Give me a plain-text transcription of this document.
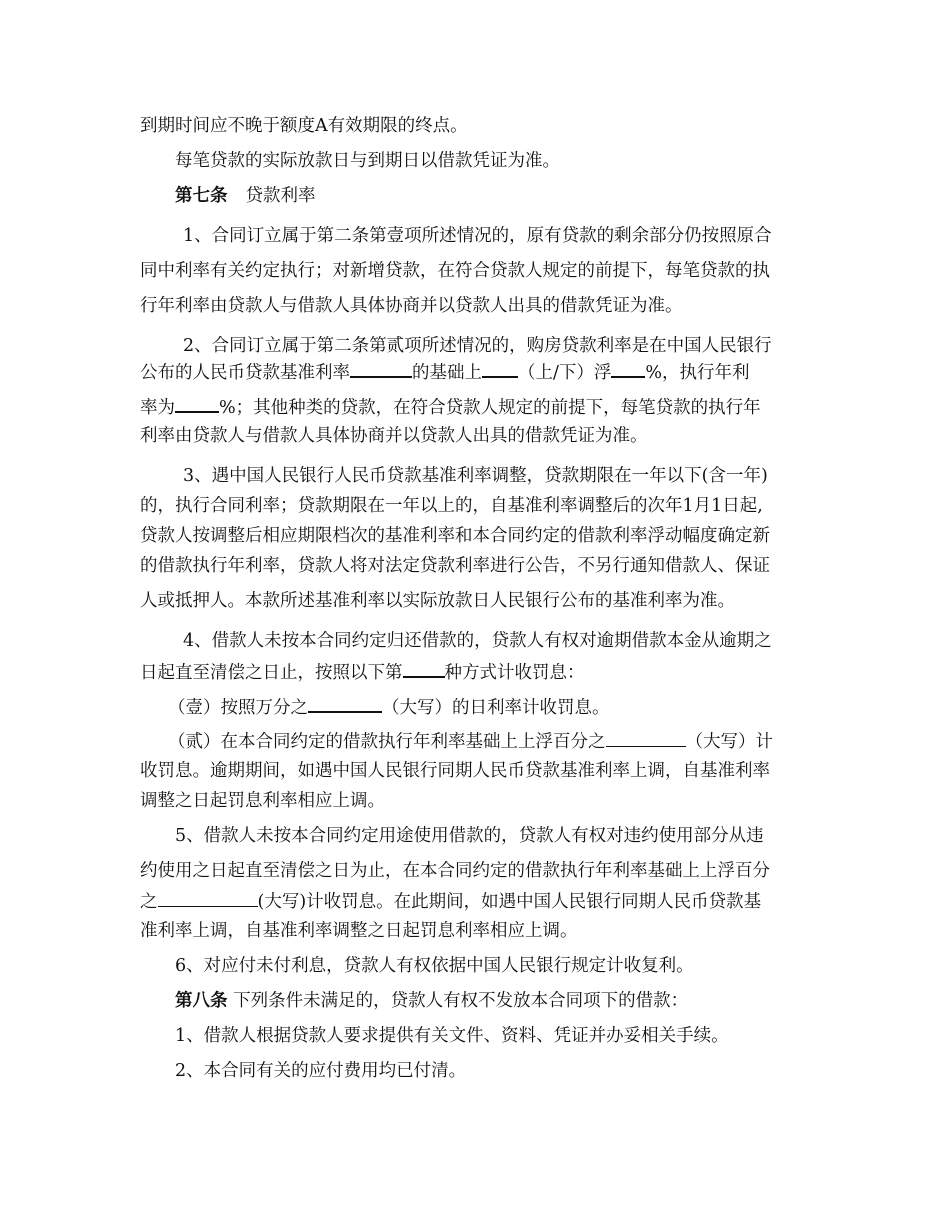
到期时间应不晚于额度A有效期限的终点。
每笔贷款的实际放款日与到期日以借款凭证为准。
第七条 贷款利率
1、合同订立属于第二条第壹项所述情况的，原有贷款的剩余部分仍按照原合
同中利率有关约定执行；对新增贷款，在符合贷款人规定的前提下，每笔贷款的执
行年利率由贷款人与借款人具体协商并以贷款人出具的借款凭证为准。
2、合同订立属于第二条第贰项所述情况的，购房贷款利率是在中国人民银行
公布的人民币贷款基准利率	的基础上 （上/下）浮 %，执行年利
率为	%；其他种类的贷款，在符合贷款人规定的前提下，每笔贷款的执行年
利率由贷款人与借款人具体协商并以贷款人出具的借款凭证为准。
3、遇中国人民银行人民币贷款基准利率调整，贷款期限在一年以下(含一年)
的，执行合同利率；贷款期限在一年以上的，自基准利率调整后的次年1月1日起,
贷款人按调整后相应期限档次的基准利率和本合同约定的借款利率浮动幅度确定新
的借款执行年利率，贷款人将对法定贷款利率进行公告，不另行通知借款人、保证
人或抵押人。本款所述基准利率以实际放款日人民银行公布的基准利率为准。
4、借款人未按本合同约定归还借款的，贷款人有权对逾期借款本金从逾期之
日起直至清偿之日止，按照以下第 种方式计收罚息：
（壹）按照万分之	（大写）的日利率计收罚息。
（贰）在本合同约定的借款执行年利率基础上上浮百分之	（大写）计
收罚息。逾期期间，如遇中国人民银行同期人民币贷款基准利率上调，自基准利率
调整之日起罚息利率相应上调。
5、借款人未按本合同约定用途使用借款的，贷款人有权对违约使用部分从违
约使用之日起直至清偿之日为止，在本合同约定的借款执行年利率基础上上浮百分
之	(大写)计收罚息。在此期间，如遇中国人民银行同期人民币贷款基
准利率上调，自基准利率调整之日起罚息利率相应上调。
6、对应付未付利息，贷款人有权依据中国人民银行规定计收复利。
第八条 下列条件未满足的，贷款人有权不发放本合同项下的借款：
1、借款人根据贷款人要求提供有关文件、资料、凭证并办妥相关手续。
2、本合同有关的应付费用均已付清。
